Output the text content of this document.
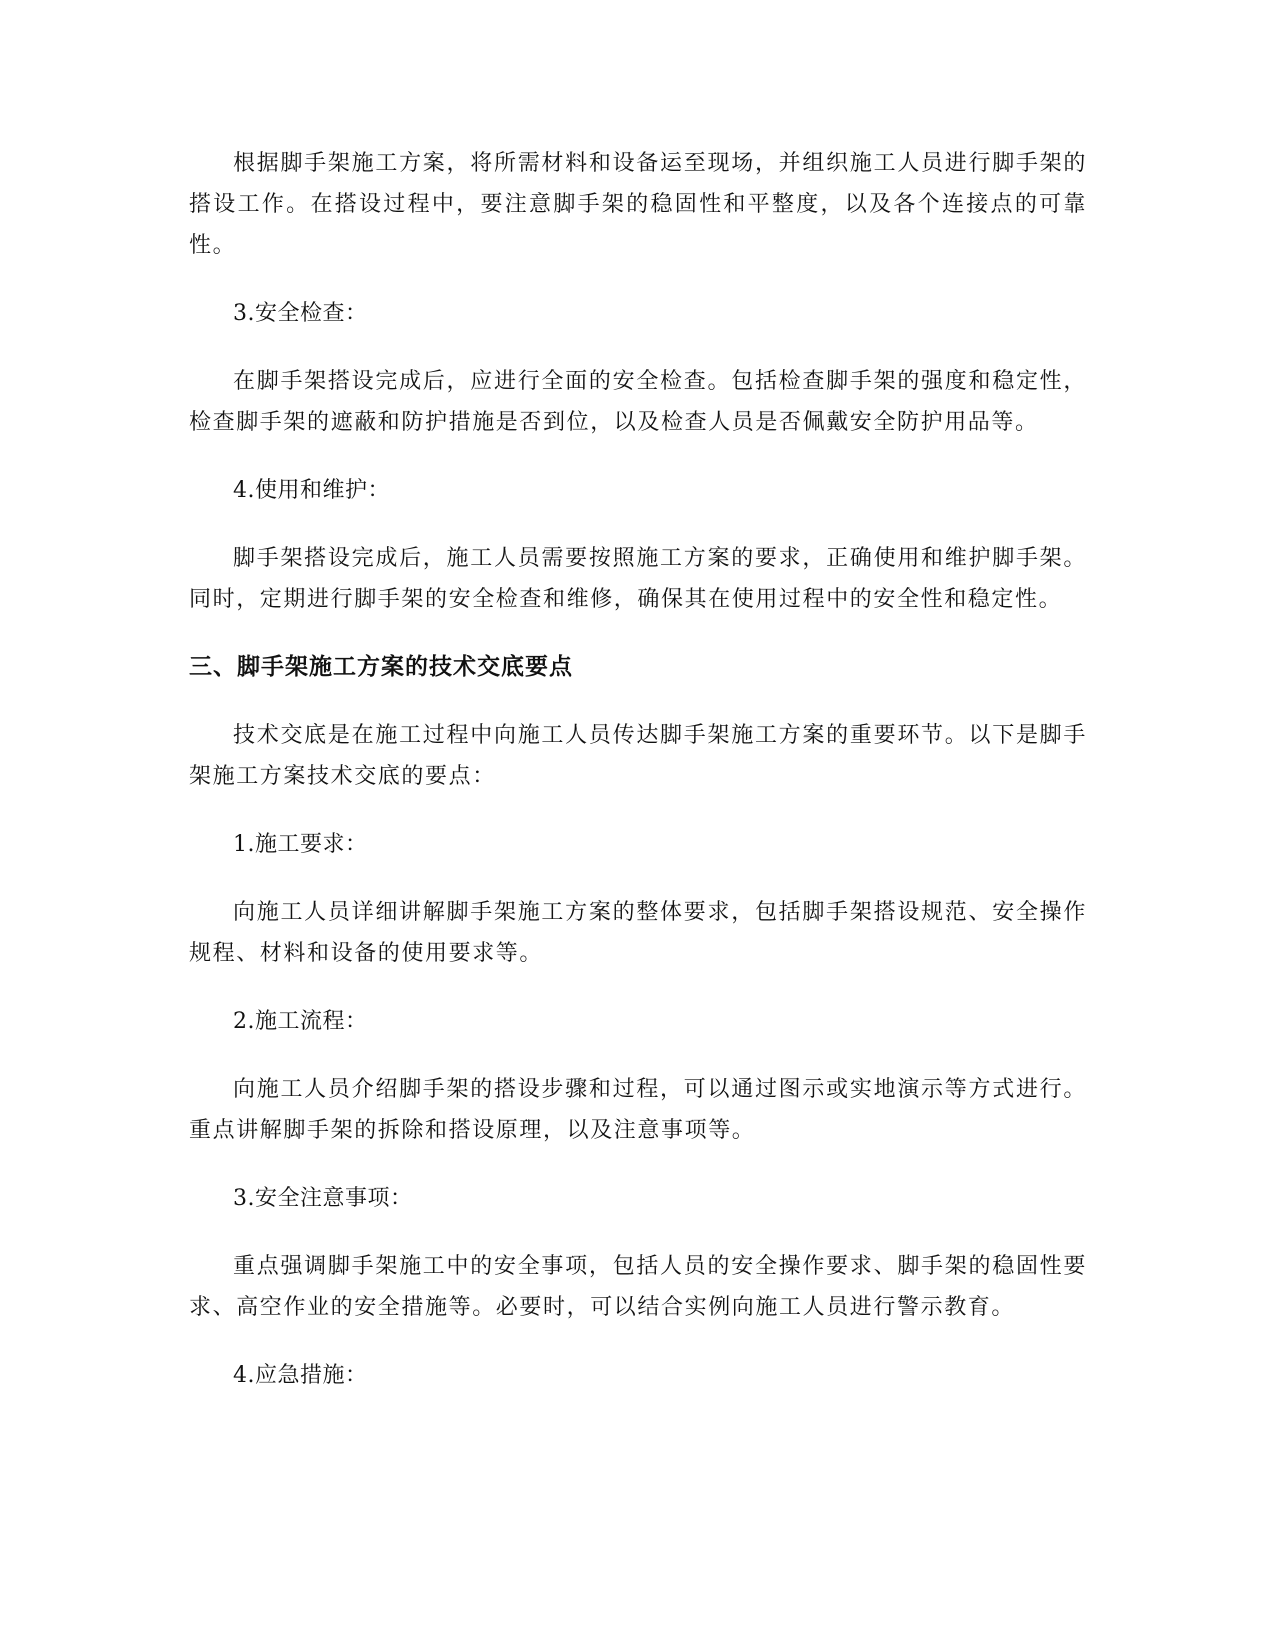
根据脚手架施工方案，将所需材料和设备运至现场，并组织施工人员进行脚手架的搭设工作。在搭设过程中，要注意脚手架的稳固性和平整度，以及各个连接点的可靠性。

3.安全检查：

在脚手架搭设完成后，应进行全面的安全检查。包括检查脚手架的强度和稳定性，检查脚手架的遮蔽和防护措施是否到位，以及检查人员是否佩戴安全防护用品等。

4.使用和维护：

脚手架搭设完成后，施工人员需要按照施工方案的要求，正确使用和维护脚手架。同时，定期进行脚手架的安全检查和维修，确保其在使用过程中的安全性和稳定性。

三、脚手架施工方案的技术交底要点

技术交底是在施工过程中向施工人员传达脚手架施工方案的重要环节。以下是脚手架施工方案技术交底的要点：

1.施工要求：

向施工人员详细讲解脚手架施工方案的整体要求，包括脚手架搭设规范、安全操作规程、材料和设备的使用要求等。

2.施工流程：

向施工人员介绍脚手架的搭设步骤和过程，可以通过图示或实地演示等方式进行。重点讲解脚手架的拆除和搭设原理，以及注意事项等。

3.安全注意事项：

重点强调脚手架施工中的安全事项，包括人员的安全操作要求、脚手架的稳固性要求、高空作业的安全措施等。必要时，可以结合实例向施工人员进行警示教育。

4.应急措施：
